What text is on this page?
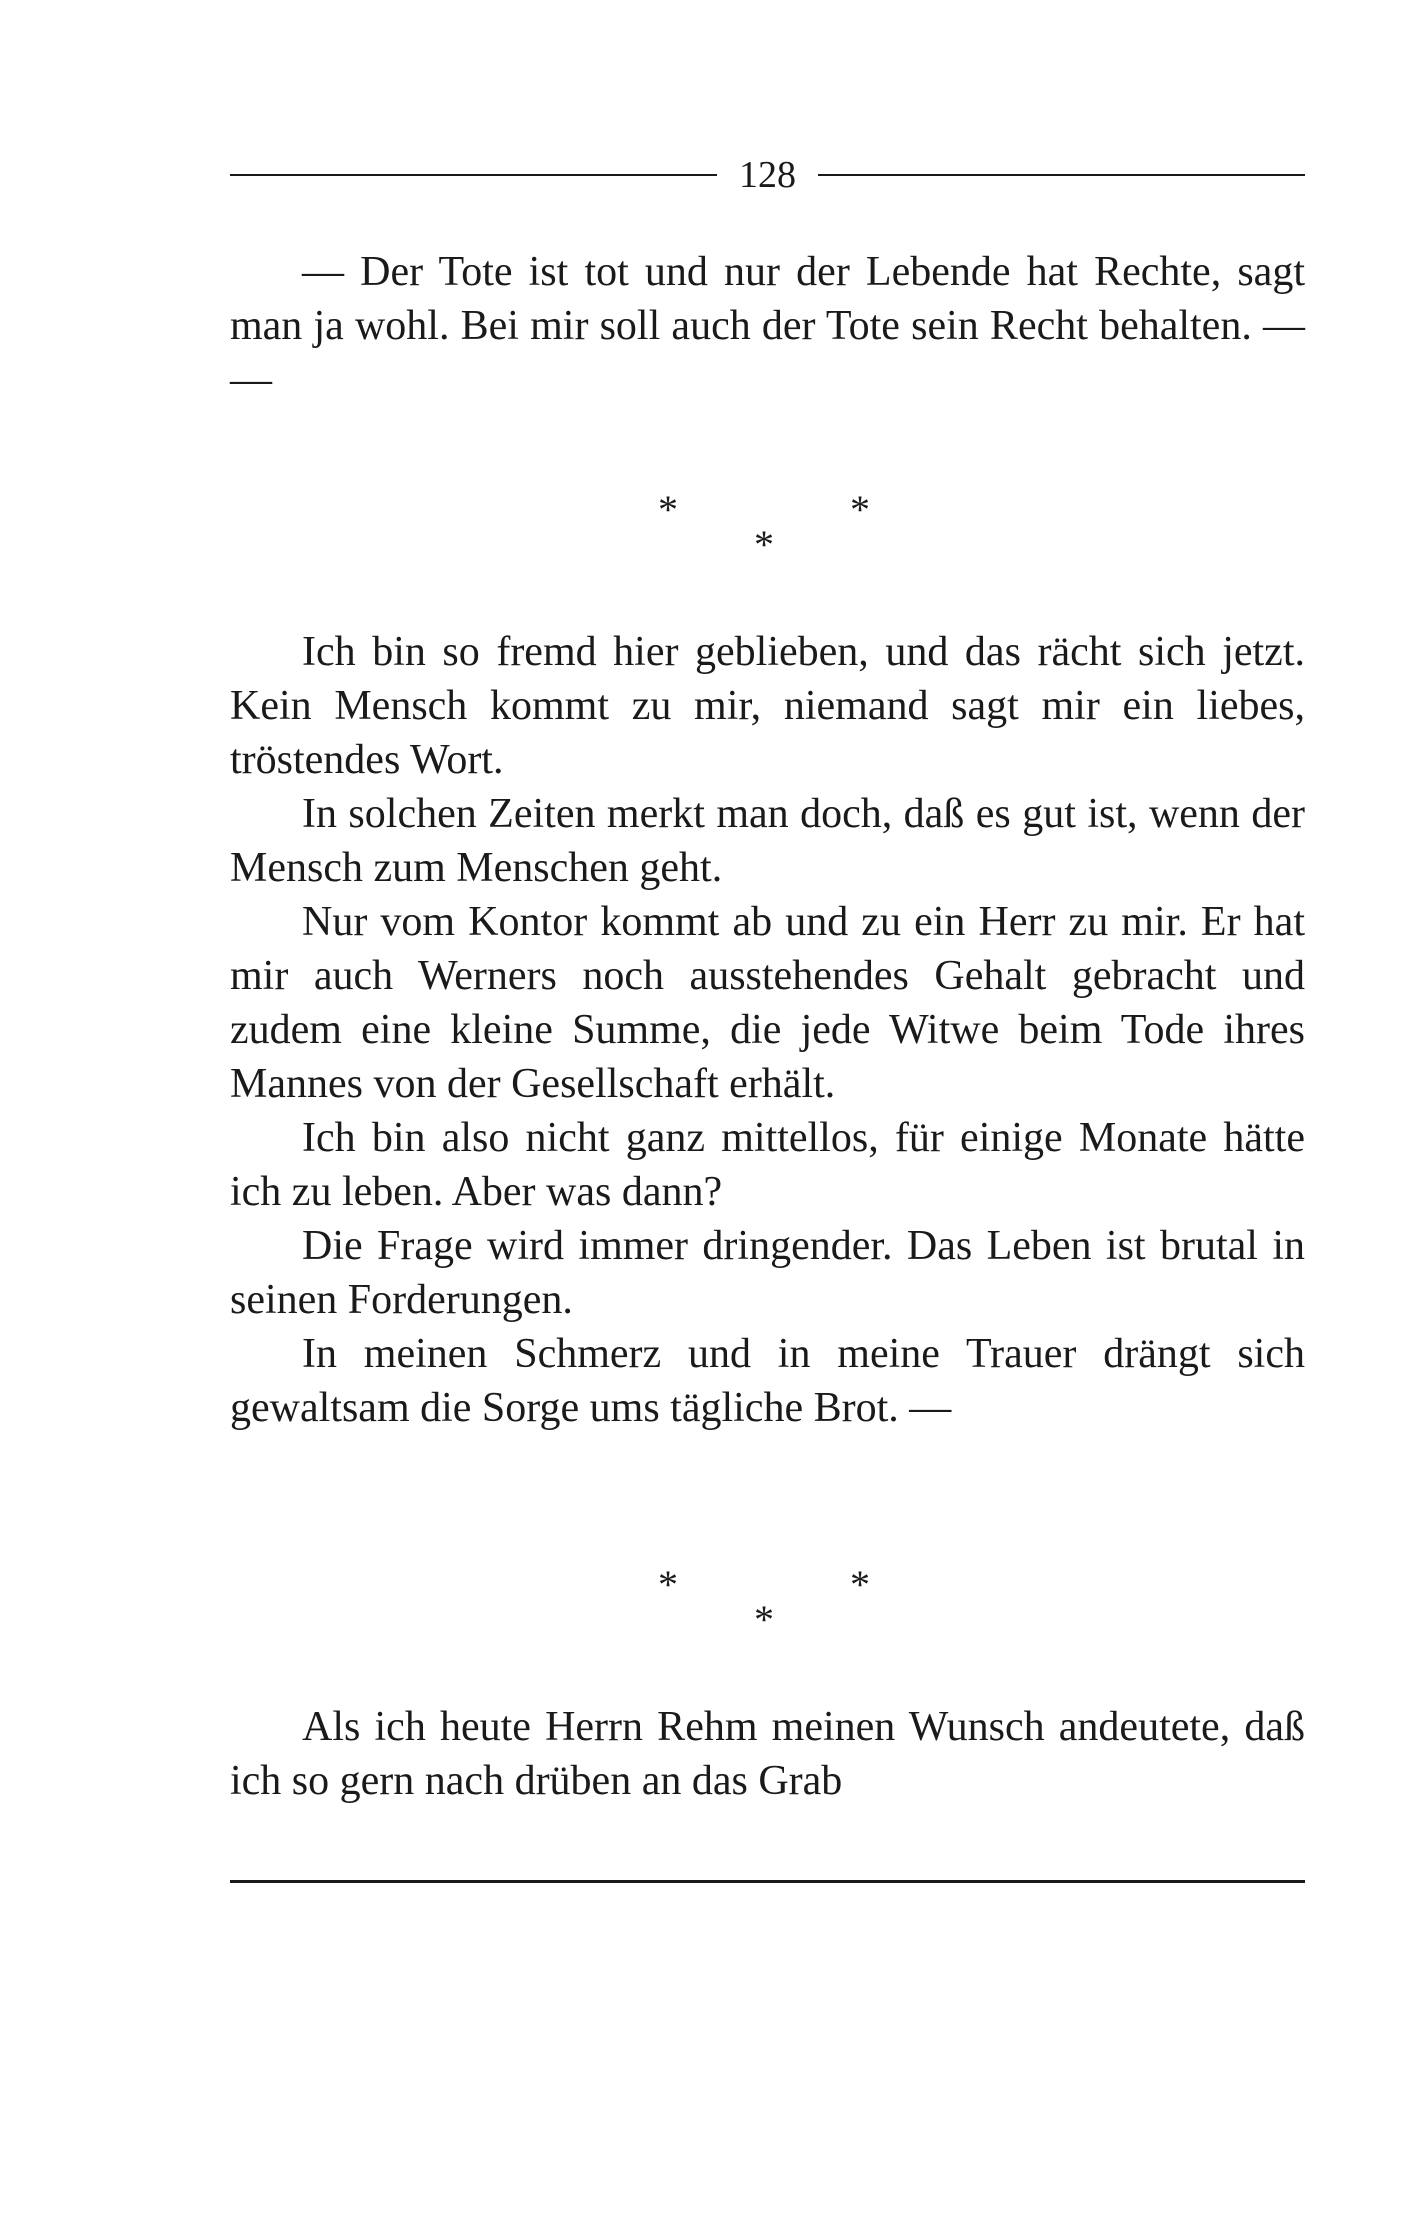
128

— Der Tote ist tot und nur der Lebende hat Rechte, sagt man ja wohl. Bei mir soll auch der Tote sein Recht behalten. — —

*	*
*

Ich bin so fremd hier geblieben, und das rächt sich jetzt. Kein Mensch kommt zu mir, niemand sagt mir ein liebes, tröstendes Wort.

In solchen Zeiten merkt man doch, daß es gut ist, wenn der Mensch zum Menschen geht.

Nur vom Kontor kommt ab und zu ein Herr zu mir. Er hat mir auch Werners noch ausstehendes Gehalt gebracht und zudem eine kleine Summe, die jede Witwe beim Tode ihres Mannes von der Gesellschaft erhält.

Ich bin also nicht ganz mittellos, für einige Monate hätte ich zu leben. Aber was dann?

Die Frage wird immer dringender. Das Leben ist brutal in seinen Forderungen.

In meinen Schmerz und in meine Trauer drängt sich gewaltsam die Sorge ums tägliche Brot. —

*	*
*

Als ich heute Herrn Rehm meinen Wunsch andeutete, daß ich so gern nach drüben an das Grab
